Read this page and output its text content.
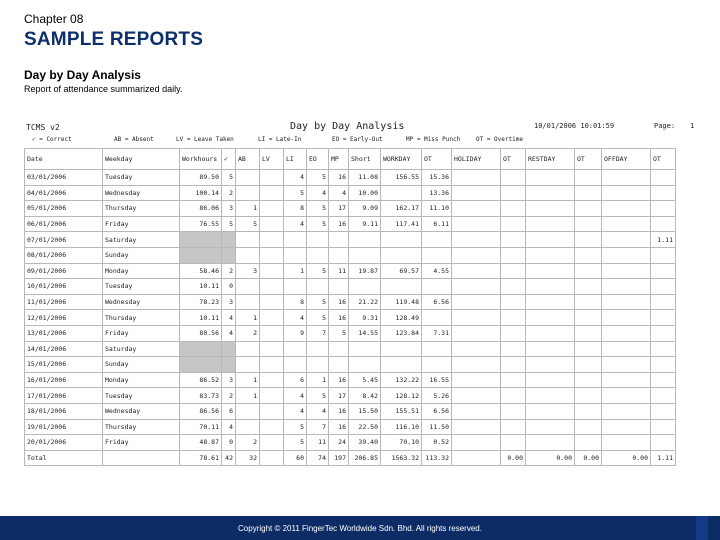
Chapter 08
SAMPLE REPORTS
Day by Day Analysis
Report of attendance summarized daily.
TCMS v2	Day by Day Analysis	10/01/2006 10:01:59	Page: 1
✓ = Correct	AB = Absent	LV = Leave Taken	LI = Late-In	EO = Early-Out	MP = Miss Punch	OT = Overtime
Date	Weekday	Workhours	✓	AB	LV	LI	EO	MP	Short	WORKDAY	OT	HOLIDAY	OT	RESTDAY	OT	OFFDAY	OT
03/01/2006	Tuesday	89.50	5			4	5	16	11.08	156.55	15.36						
04/01/2006	Wednesday	100.14	2			5	4	4	10.00		13.36						
05/01/2006	Thursday	86.06	3	1		8	5	17	9.09	162.17	11.10						
06/01/2006	Friday	76.55	5	5		4	5	16	9.11	117.41	6.11						
07/01/2006	Saturday																1.11
08/01/2006	Sunday																
09/01/2006	Monday	58.46	2	3		1	5	11	19.87	69.57	4.55						
10/01/2006	Tuesday	10.11	0														
11/01/2006	Wednesday	78.23	3			8	5	16	21.22	119.48	6.56						
12/01/2006	Thursday	10.11	4	1		4	5	16	9.31	128.49							
13/01/2006	Friday	80.56	4	2		9	7	5	14.55	123.84	7.31						
14/01/2006	Saturday																
15/01/2006	Sunday																
16/01/2006	Monday	86.52	3	1		6	1	16	5.45	132.22	16.55						
17/01/2006	Tuesday	83.73	2	1		4	5	17	8.42	128.12	5.26						
18/01/2006	Wednesday	86.56	6			4	4	16	15.50	155.51	6.56						
19/01/2006	Thursday	70.11	4			5	7	16	22.50	116.10	11.50						
20/01/2006	Friday	48.87	0	2		5	11	24	39.40	70.10	0.52						
Total		78.61	42	32		60	74	197	206.85	1563.32	113.32		0.00	0.00	0.00	0.00	1.11
Copyright © 2011 FingerTec Worldwide Sdn. Bhd. All rights reserved.
